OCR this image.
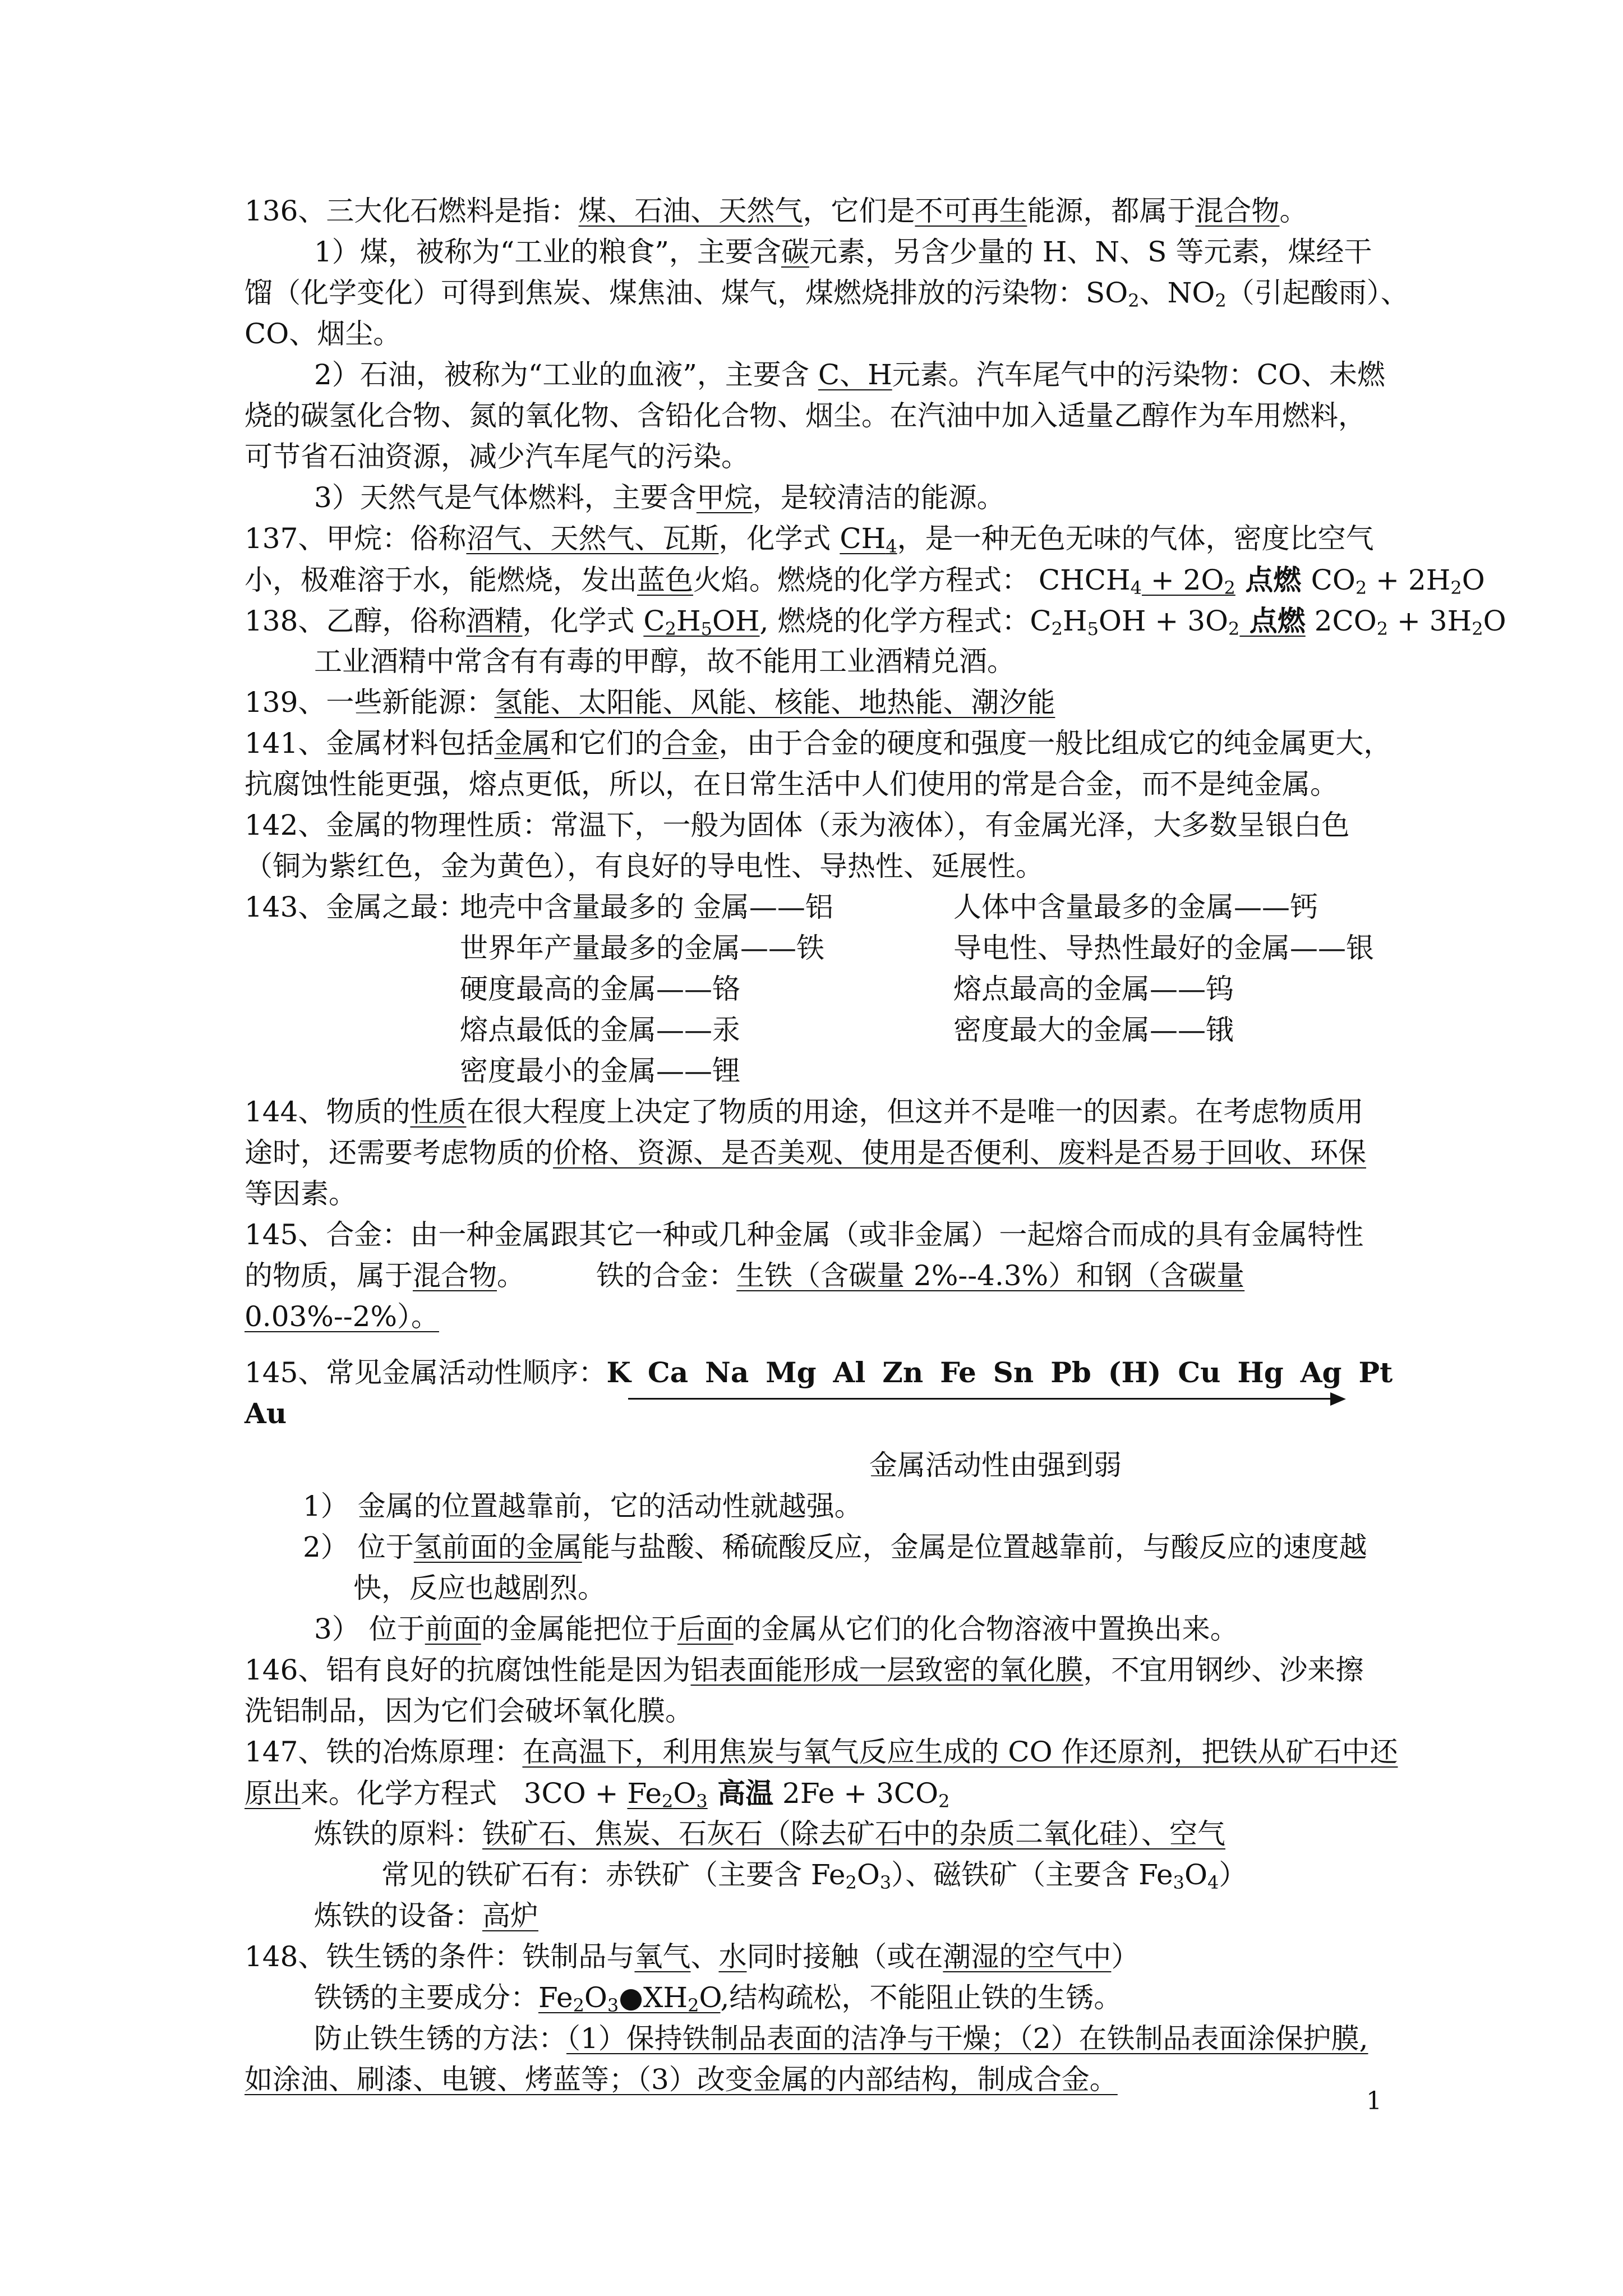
136、三大化石燃料是指：煤、石油、天然气，它们是不可再生能源，都属于混合物。
1）煤，被称为“工业的粮食”，主要含碳元素，另含少量的 H、N、S 等元素，煤经干
馏（化学变化）可得到焦炭、煤焦油、煤气，煤燃烧排放的污染物：$SO_2$、$NO_2$（引起酸雨）、
CO、烟尘。
2）石油，被称为“工业的血液”，主要含 C、H元素。汽车尾气中的污染物：CO、未燃
烧的碳氢化合物、氮的氧化物、含铅化合物、烟尘。在汽油中加入适量乙醇作为车用燃料，
可节省石油资源，减少汽车尾气的污染。
3）天然气是气体燃料，主要含甲烷，是较清洁的能源。
137、甲烷：俗称沼气、天然气、瓦斯，化学式 $CH_4$，是一种无色无味的气体，密度比空气
小，极难溶于水，能燃烧，发出蓝色火焰。燃烧的化学方程式： $CHCH_4 + 2O_2$ 点燃 $CO_2 + 2H_2O$
138、乙醇，俗称酒精，化学式 $C_2H_5OH$, 燃烧的化学方程式：$C_2H_5OH + 3O_2$ 点燃 $2CO_2 + 3H_2O$
工业酒精中常含有有毒的甲醇，故不能用工业酒精兑酒。
139、一些新能源：氢能、太阳能、风能、核能、地热能、潮汐能
141、金属材料包括金属和它们的合金，由于合金的硬度和强度一般比组成它的纯金属更大，
抗腐蚀性能更强，熔点更低，所以，在日常生活中人们使用的常是合金，而不是纯金属。
142、金属的物理性质：常温下，一般为固体（汞为液体），有金属光泽，大多数呈银白色
（铜为紫红色，金为黄色），有良好的导电性、导热性、延展性。
143、金属之最：
地壳中含量最多的 金属——铝
世界年产量最多的金属——铁
硬度最高的金属——铬
熔点最低的金属——汞
密度最小的金属——锂
人体中含量最多的金属——钙
导电性、导热性最好的金属——银
熔点最高的金属——钨
密度最大的金属——锇
144、物质的性质在很大程度上决定了物质的用途，但这并不是唯一的因素。在考虑物质用
途时，还需要考虑物质的价格、资源、是否美观、使用是否便利、废料是否易于回收、环保
等因素。
145、合金：由一种金属跟其它一种或几种金属（或非金属）一起熔合而成的具有金属特性
的物质，属于混合物。        铁的合金：生铁（含碳量 2%--4.3%）和钢（含碳量
0.03%--2%）。
145、常见金属活动性顺序：K Ca Na Mg Al Zn Fe Sn Pb (H) Cu Hg Ag Pt
Au
金属活动性由强到弱
1） 金属的位置越靠前，它的活动性就越强。
2） 位于氢前面的金属能与盐酸、稀硫酸反应，金属是位置越靠前，与酸反应的速度越
快，反应也越剧烈。
3） 位于前面的金属能把位于后面的金属从它们的化合物溶液中置换出来。
146、铝有良好的抗腐蚀性能是因为铝表面能形成一层致密的氧化膜，不宜用钢纱、沙来擦
洗铝制品，因为它们会破坏氧化膜。
147、铁的冶炼原理：在高温下，利用焦炭与氧气反应生成的 CO 作还原剂，把铁从矿石中还
原出来。化学方程式   $3CO + Fe_2O_3$ 高温 $2Fe + 3CO_2$
炼铁的原料：铁矿石、焦炭、石灰石（除去矿石中的杂质二氧化硅）、空气
常见的铁矿石有：赤铁矿（主要含 $Fe_2O_3$）、磁铁矿（主要含 $Fe_3O_4$）
炼铁的设备：高炉
148、铁生锈的条件：铁制品与氧气、水同时接触（或在潮湿的空气中）
铁锈的主要成分：$Fe_2O_3●XH_2O$,结构疏松，不能阻止铁的生锈。
防止铁生锈的方法：（1）保持铁制品表面的洁净与干燥；（2）在铁制品表面涂保护膜,
如涂油、刷漆、电镀、烤蓝等；（3）改变金属的内部结构，制成合金。
1
